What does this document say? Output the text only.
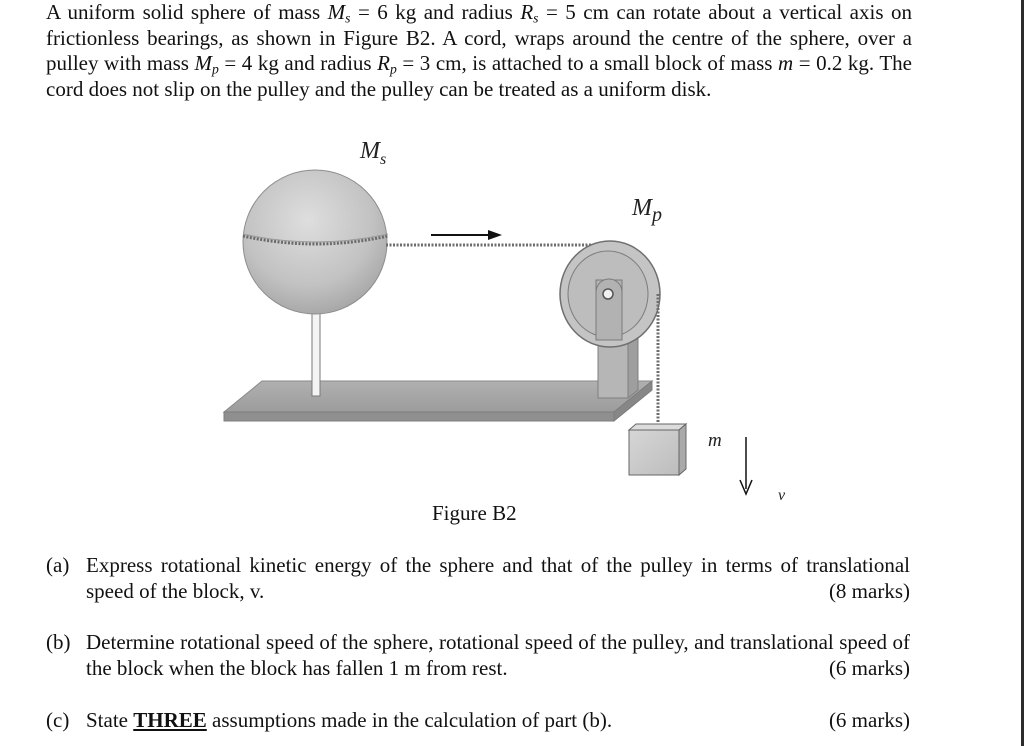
A uniform solid sphere of mass $M_s = 6$ kg and radius $R_s = 5$ cm can rotate about a vertical axis on frictionless bearings, as shown in Figure B2. A cord, wraps around the centre of the sphere, over a pulley with mass $M_p = 4$ kg and radius $R_p = 3$ cm, is attached to a small block of mass m = 0.2 kg. The cord does not slip on the pulley and the pulley can be treated as a uniform disk.
$M_s$
$M_p$
m
v
Figure B2
(a) Express rotational kinetic energy of the sphere and that of the pulley in terms of translational speed of the block, v.	(8 marks)
(b) Determine rotational speed of the sphere, rotational speed of the pulley, and translational speed of the block when the block has fallen 1 m from rest.	(6 marks)
(c) State THREE assumptions made in the calculation of part (b).	(6 marks)
